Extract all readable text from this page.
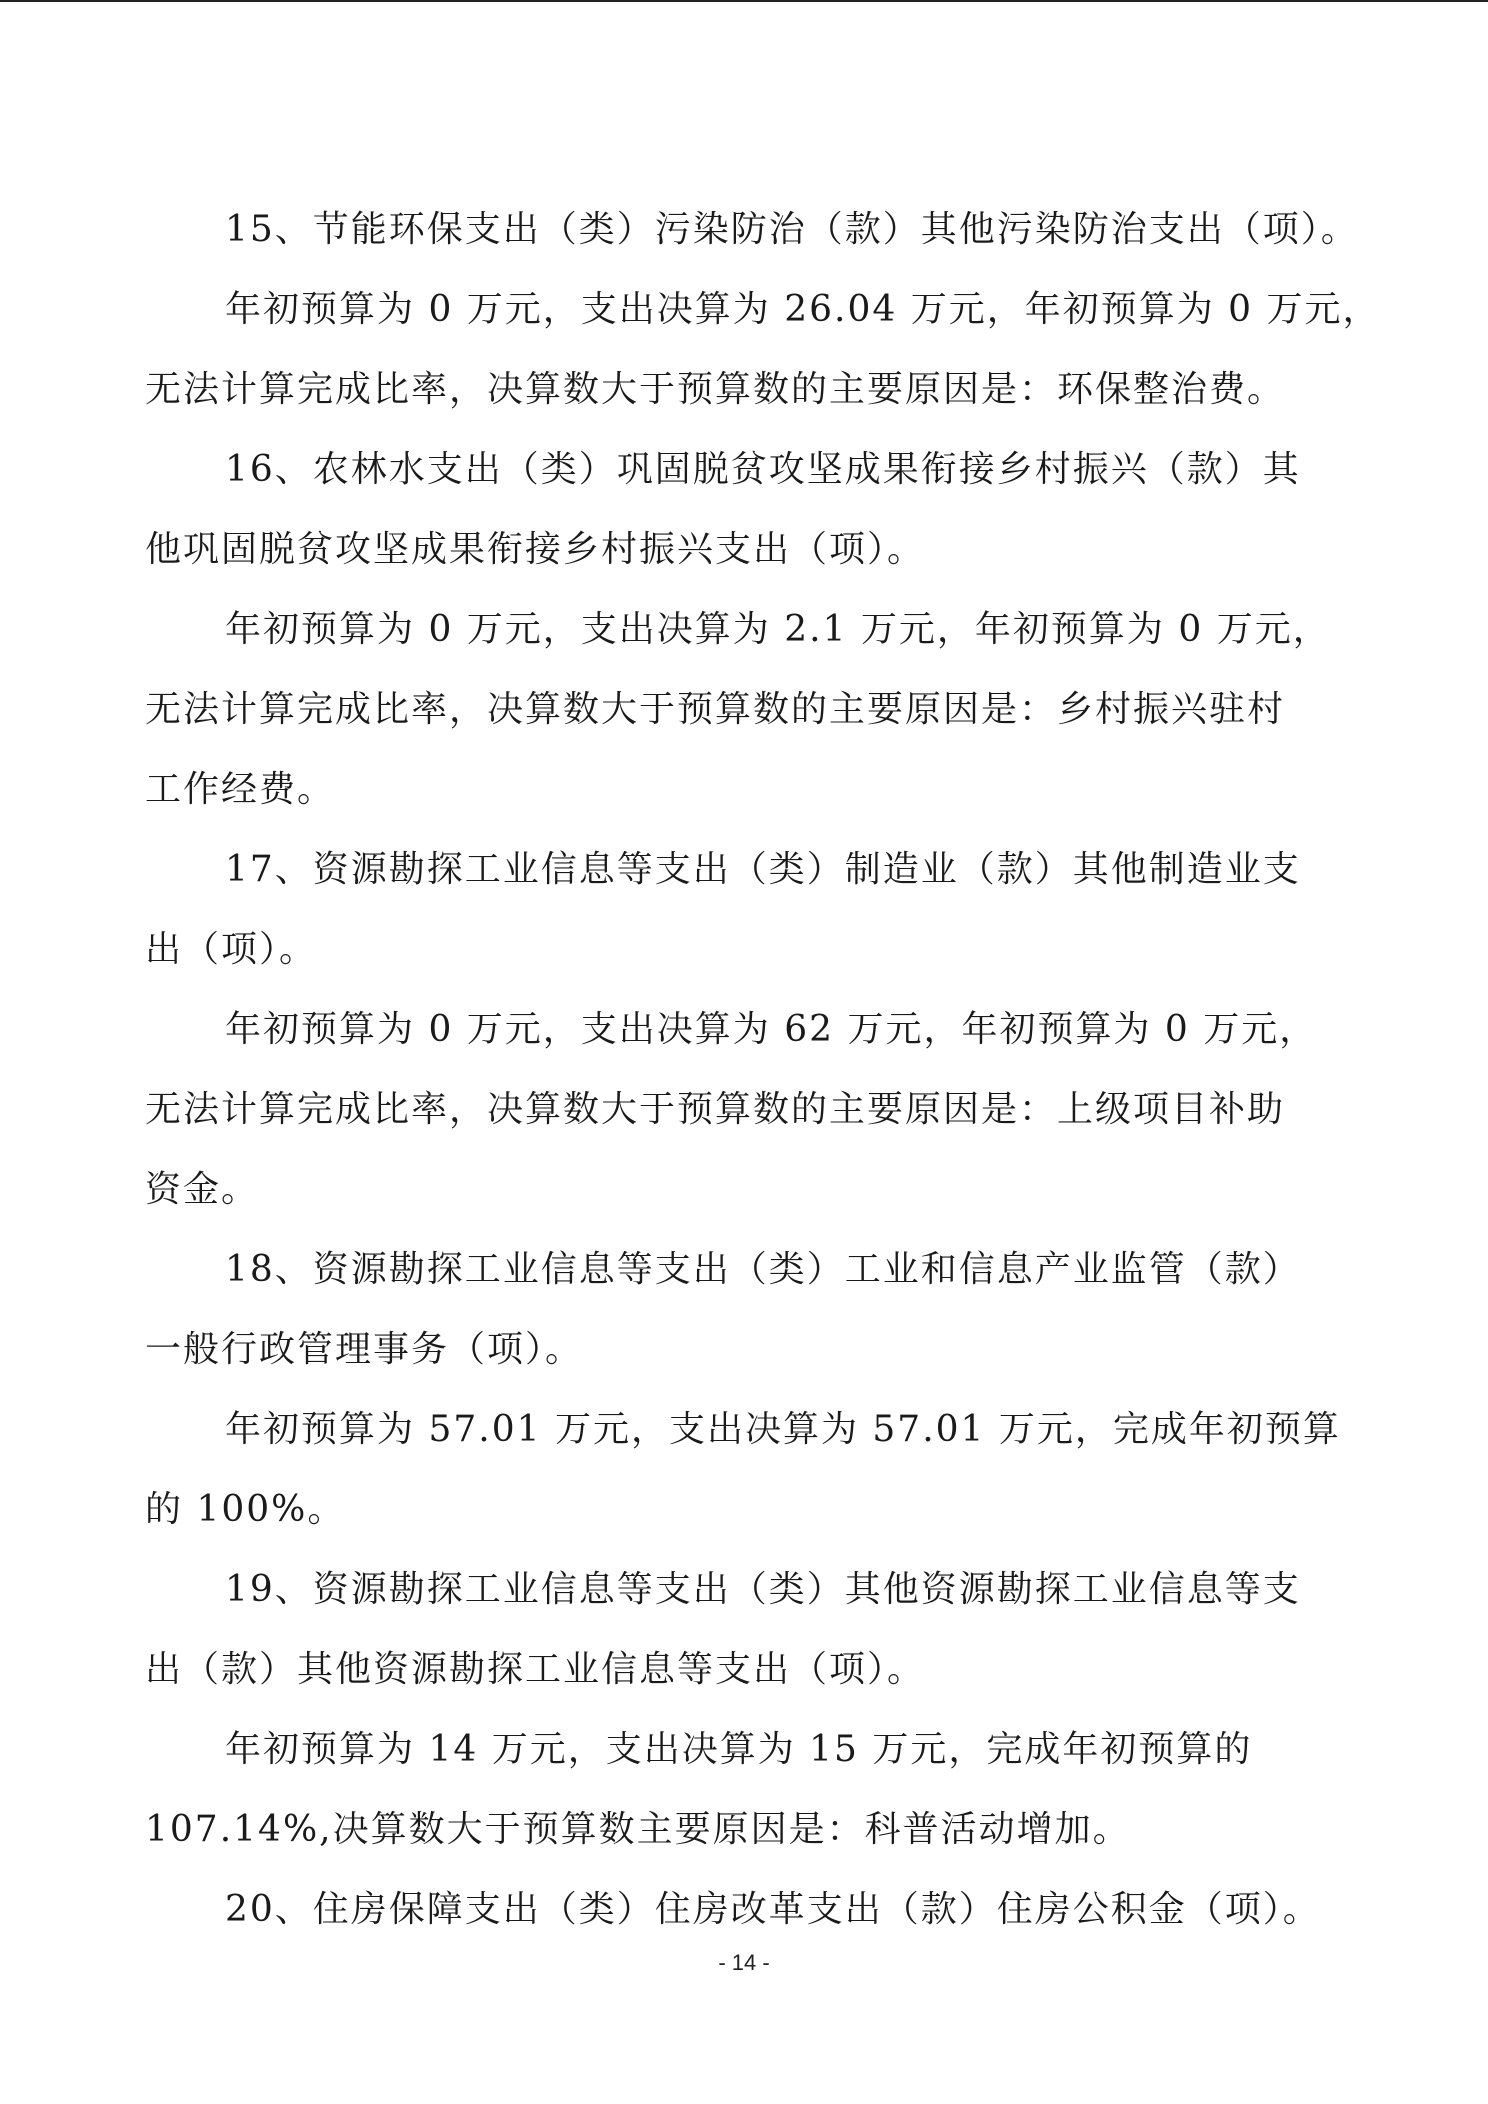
15、节能环保支出（类）污染防治（款）其他污染防治支出（项）。
年初预算为 0 万元，支出决算为 26.04 万元，年初预算为 0 万元，
无法计算完成比率，决算数大于预算数的主要原因是：环保整治费。
16、农林水支出（类）巩固脱贫攻坚成果衔接乡村振兴（款）其
他巩固脱贫攻坚成果衔接乡村振兴支出（项）。
年初预算为 0 万元，支出决算为 2.1 万元，年初预算为 0 万元，
无法计算完成比率，决算数大于预算数的主要原因是：乡村振兴驻村
工作经费。
17、资源勘探工业信息等支出（类）制造业（款）其他制造业支
出（项）。
年初预算为 0 万元，支出决算为 62 万元，年初预算为 0 万元，
无法计算完成比率，决算数大于预算数的主要原因是：上级项目补助
资金。
18、资源勘探工业信息等支出（类）工业和信息产业监管（款）
一般行政管理事务（项）。
年初预算为 57.01 万元，支出决算为 57.01 万元，完成年初预算
的 100%。
19、资源勘探工业信息等支出（类）其他资源勘探工业信息等支
出（款）其他资源勘探工业信息等支出（项）。
年初预算为 14 万元，支出决算为 15 万元，完成年初预算的
107.14%,决算数大于预算数主要原因是：科普活动增加。
20、住房保障支出（类）住房改革支出（款）住房公积金（项）。
- 14 -
